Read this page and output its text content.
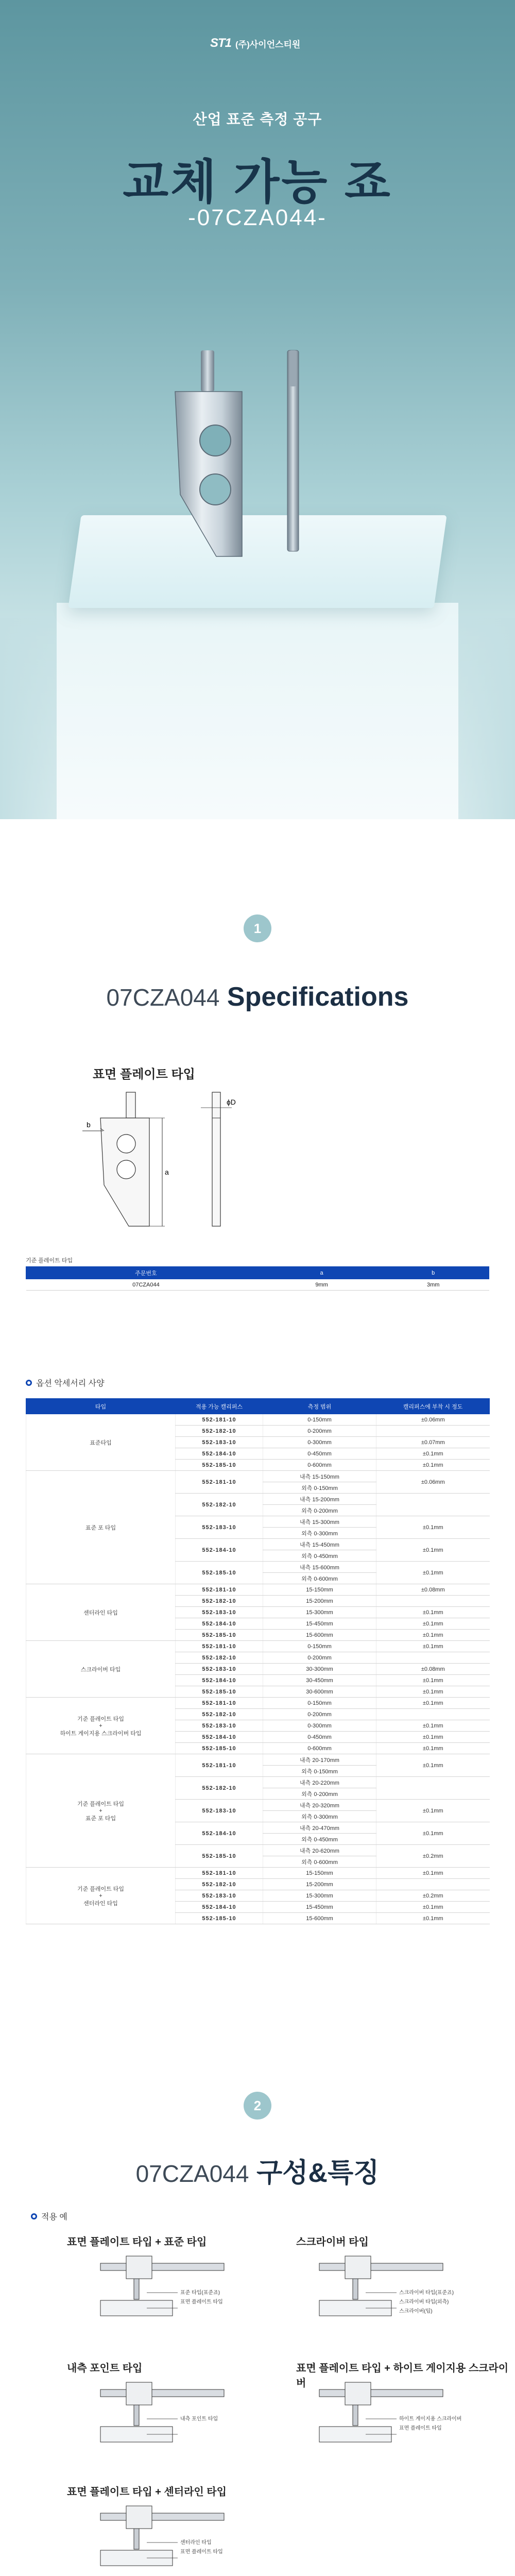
ST1 (주)사이언스티원
산업 표준 측정 공구
교체 가능 죠
-07CZA044-
1
07CZA044 Specifications
표면 플레이트 타입
b
a
ɸD
기준 플레이트 타입
주문번호	a	b
07CZA044	9mm	3mm
옵션 악세서리 사양
타입	적용 가능 캘리퍼스	측정 범위	캘리퍼스에 부착 시 정도

표준타입	552-181-10	0-150mm	±0.06mm
	552-182-10	0-200mm	
	552-183-10	0-300mm	±0.07mm
	552-184-10	0-450mm	±0.1mm
	552-185-10	0-600mm	±0.1mm

표준 포 타입	552-181-10	내측 15-150mm	±0.06mm
		외측 0-150mm	
	552-182-10	내측 15-200mm	
		외측 0-200mm	
	552-183-10	내측 15-300mm	±0.1mm
		외측 0-300mm	
	552-184-10	내측 15-450mm	±0.1mm
		외측 0-450mm	
	552-185-10	내측 15-600mm	±0.1mm
		외측 0-600mm	

센터라인 타입	552-181-10	15-150mm	±0.08mm
	552-182-10	15-200mm	
	552-183-10	15-300mm	±0.1mm
	552-184-10	15-450mm	±0.1mm
	552-185-10	15-600mm	±0.1mm

스크라이버 타입	552-181-10	0-150mm	±0.1mm
	552-182-10	0-200mm	
	552-183-10	30-300mm	±0.08mm
	552-184-10	30-450mm	±0.1mm
	552-185-10	30-600mm	±0.1mm

기준 플레이트 타입
+
하이트 게이지용 스크라이버 타입	552-181-10	0-150mm	±0.1mm
	552-182-10	0-200mm	
	552-183-10	0-300mm	±0.1mm
	552-184-10	0-450mm	±0.1mm
	552-185-10	0-600mm	±0.1mm

기준 플레이트 타입
+
표준 포 타입	552-181-10	내측 20-170mm	±0.1mm
		외측 0-150mm	
	552-182-10	내측 20-220mm	
		외측 0-200mm	
	552-183-10	내측 20-320mm	±0.1mm
		외측 0-300mm	
	552-184-10	내측 20-470mm	±0.1mm
		외측 0-450mm	
	552-185-10	내측 20-620mm	±0.2mm
		외측 0-600mm	

기준 플레이트 타입
+
센터라인 타입	552-181-10	15-150mm	±0.1mm
	552-182-10	15-200mm	
	552-183-10	15-300mm	±0.2mm
	552-184-10	15-450mm	±0.1mm
	552-185-10	15-600mm	±0.1mm
2
07CZA044 구성&특징
적용 예
표면 플레이트 타입 + 표준 타입
표준 타입(표준죠)
표면 플레이트 타입
스크라이버 타입
스크라이버 타입(표준죠)
스크라이버 타입(외측)
스크라이버(팁)
내측 포인트 타입
내측 포인트 타입
표면 플레이트 타입 + 하이트 게이지용 스크라이버
하이트 게이지용 스크라이버
표면 플레이트 타입
표면 플레이트 타입 + 센터라인 타입
센터라인 타입
표면 플레이트 타입
